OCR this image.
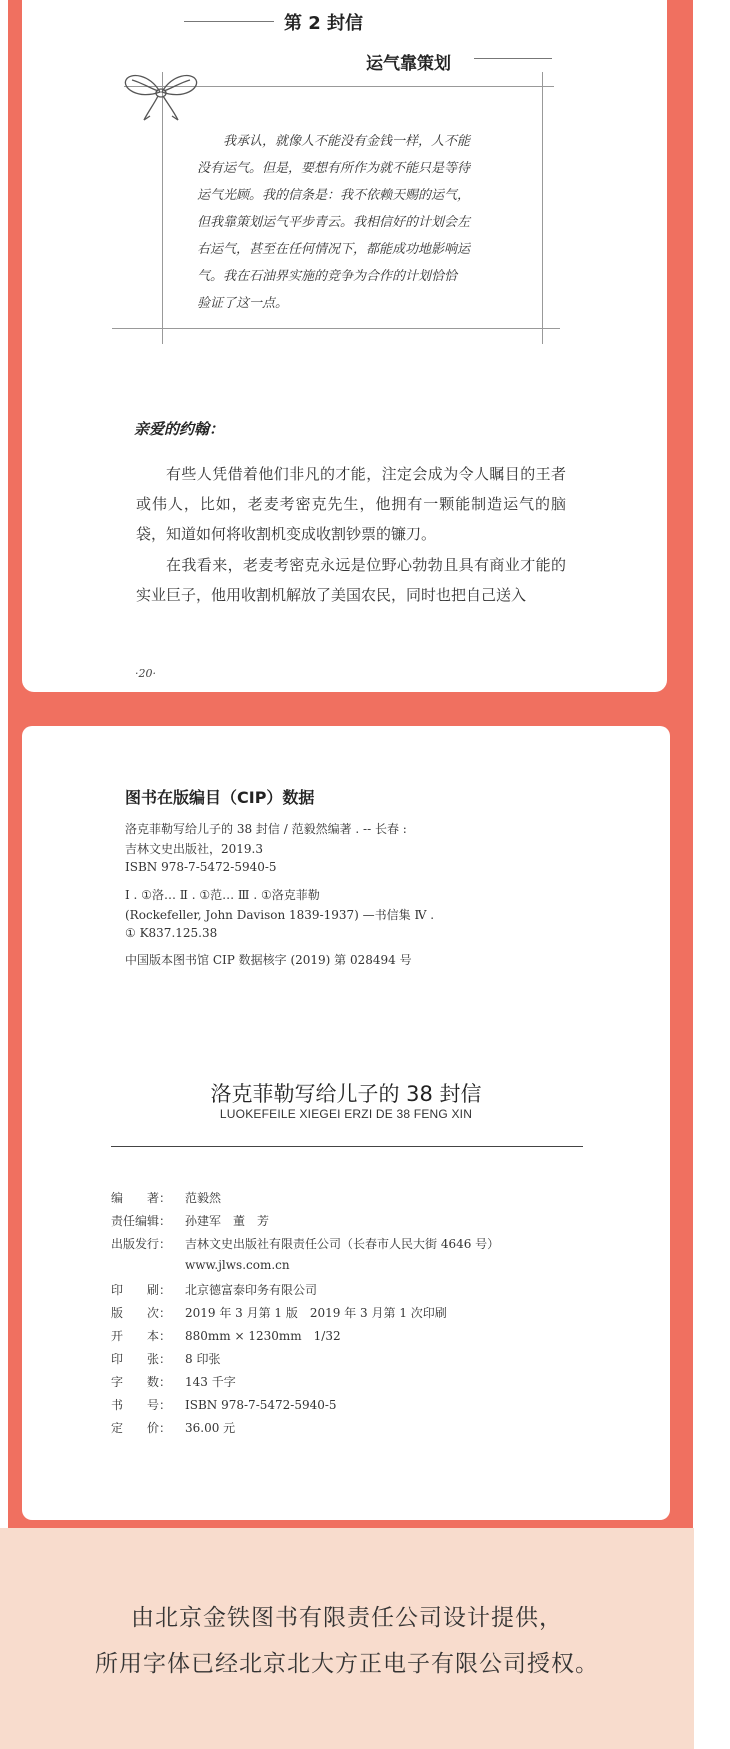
第 2 封信
运气靠策划

我承认，就像人不能没有金钱一样，人不能

没有运气。但是，要想有所作为就不能只是等待
运气光顾。我的信条是：我不依赖天赐的运气，
但我靠策划运气平步青云。我相信好的计划会左
右运气，甚至在任何情况下，都能成功地影响运
气。我在石油界实施的竞争为合作的计划恰恰
验证了这一点。
亲爱的约翰：

有些人凭借着他们非凡的才能，注定会成为令人瞩目的王者或伟人，比如，老麦考密克先生，他拥有一颗能制造运气的脑袋，知道如何将收割机变成收割钞票的镰刀。

在我看来，老麦考密克永远是位野心勃勃且具有商业才能的实业巨子，他用收割机解放了美国农民，同时也把自己送入

·20·
图书在版编目（CIP）数据
洛克菲勒写给儿子的 38 封信 / 范毅然编著 . -- 长春 :
吉林文史出版社，2019.3
ISBN 978-7-5472-5940-5
Ⅰ . ①洛… Ⅱ . ①范… Ⅲ . ①洛克菲勒
(Rockefeller, John Davison 1839-1937) —书信集 Ⅳ .
① K837.125.38
中国版本图书馆 CIP 数据核字 (2019) 第 028494 号
洛克菲勒写给儿子的 38 封信
LUOKEFEILE XIEGEI ERZI DE 38 FENG XIN
编　　著： 范毅然
责任编辑： 孙建军　董　芳
出版发行： 吉林文史出版社有限责任公司（长春市人民大街 4646 号）
www.jlws.com.cn
印　　刷： 北京德富泰印务有限公司
版　　次： 2019 年 3 月第 1 版　2019 年 3 月第 1 次印刷
开　　本： 880mm × 1230mm　1/32
印　　张： 8 印张
字　　数： 143 千字
书　　号： ISBN 978-7-5472-5940-5
定　　价： 36.00 元
由北京金铁图书有限责任公司设计提供，
所用字体已经北京北大方正电子有限公司授权。
